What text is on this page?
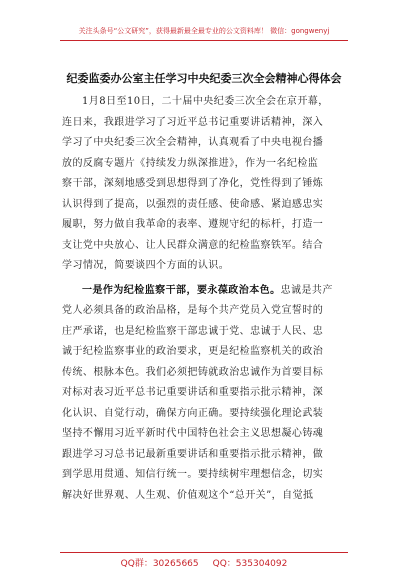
关注头条号“公文研究”，获得最新最全最专业的公文资料库！ 微信：gongwenyj
纪委监委办公室主任学习中央纪委三次全会精神心得体会
1月8日至10日，二十届中央纪委三次全会在京开幕，
连日来，我跟进学习了习近平总书记重要讲话精神，深入
学习了中央纪委三次全会精神，认真观看了中央电视台播
放的反腐专题片《持续发力纵深推进》，作为一名纪检监
察干部，深刻地感受到思想得到了净化，党性得到了锤炼
认识得到了提高，以强烈的责任感、使命感、紧迫感忠实
履职，努力做自我革命的表率、遵规守纪的标杆，打造一
支让党中央放心、让人民群众满意的纪检监察铁军。结合
学习情况，简要谈四个方面的认识。
一是作为纪检监察干部，要永葆政治本色。忠诚是共产
党人必须具备的政治品格，是每个共产党员入党宣誓时的
庄严承诺，也是纪检监察干部忠诚于党、忠诚于人民、忠
诚于纪检监察事业的政治要求，更是纪检监察机关的政治
传统、根脉本色。我们必须把铸就政治忠诚作为首要目标
对标对表习近平总书记重要讲话和重要指示批示精神，深
化认识、自觉行动，确保方向正确。要持续强化理论武装
坚持不懈用习近平新时代中国特色社会主义思想凝心铸魂
跟进学习习总书记最新重要讲话和重要指示批示精神，做
到学思用贯通、知信行统一。要持续树牢理想信念，切实
解决好世界观、人生观、价值观这个“总开关”，自觉抵
QQ群：30265665 QQ：535304092
